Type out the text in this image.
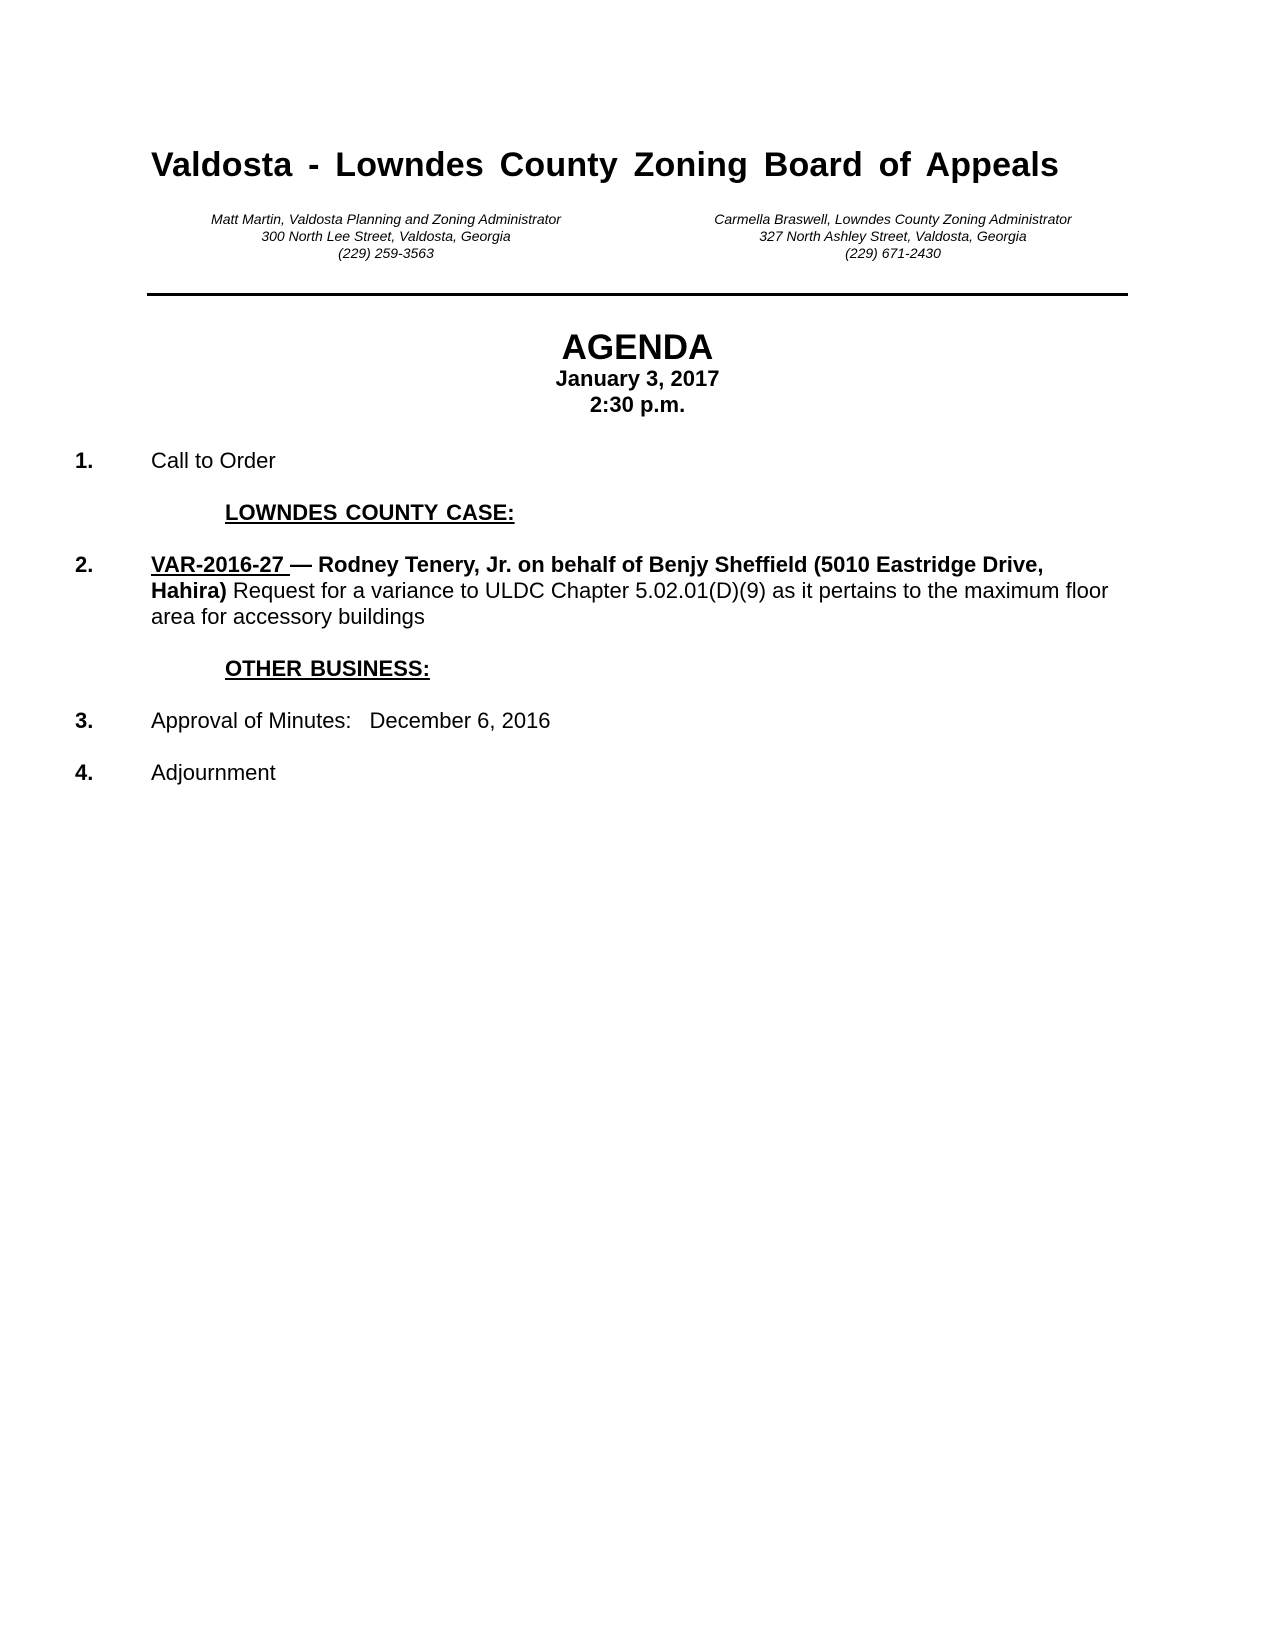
Valdosta - Lowndes County Zoning Board of Appeals
Matt Martin, Valdosta Planning and Zoning Administrator
300 North Lee Street, Valdosta, Georgia
(229) 259-3563
Carmella Braswell, Lowndes County Zoning Administrator
327 North Ashley Street, Valdosta, Georgia
(229) 671-2430
AGENDA
January 3, 2017
2:30 p.m.
1.	Call to Order
LOWNDES COUNTY CASE:
2.	VAR-2016-27 — Rodney Tenery, Jr. on behalf of Benjy Sheffield (5010 Eastridge Drive, Hahira) Request for a variance to ULDC Chapter 5.02.01(D)(9) as it pertains to the maximum floor area for accessory buildings
OTHER BUSINESS:
3.	Approval of Minutes: December 6, 2016
4.	Adjournment
